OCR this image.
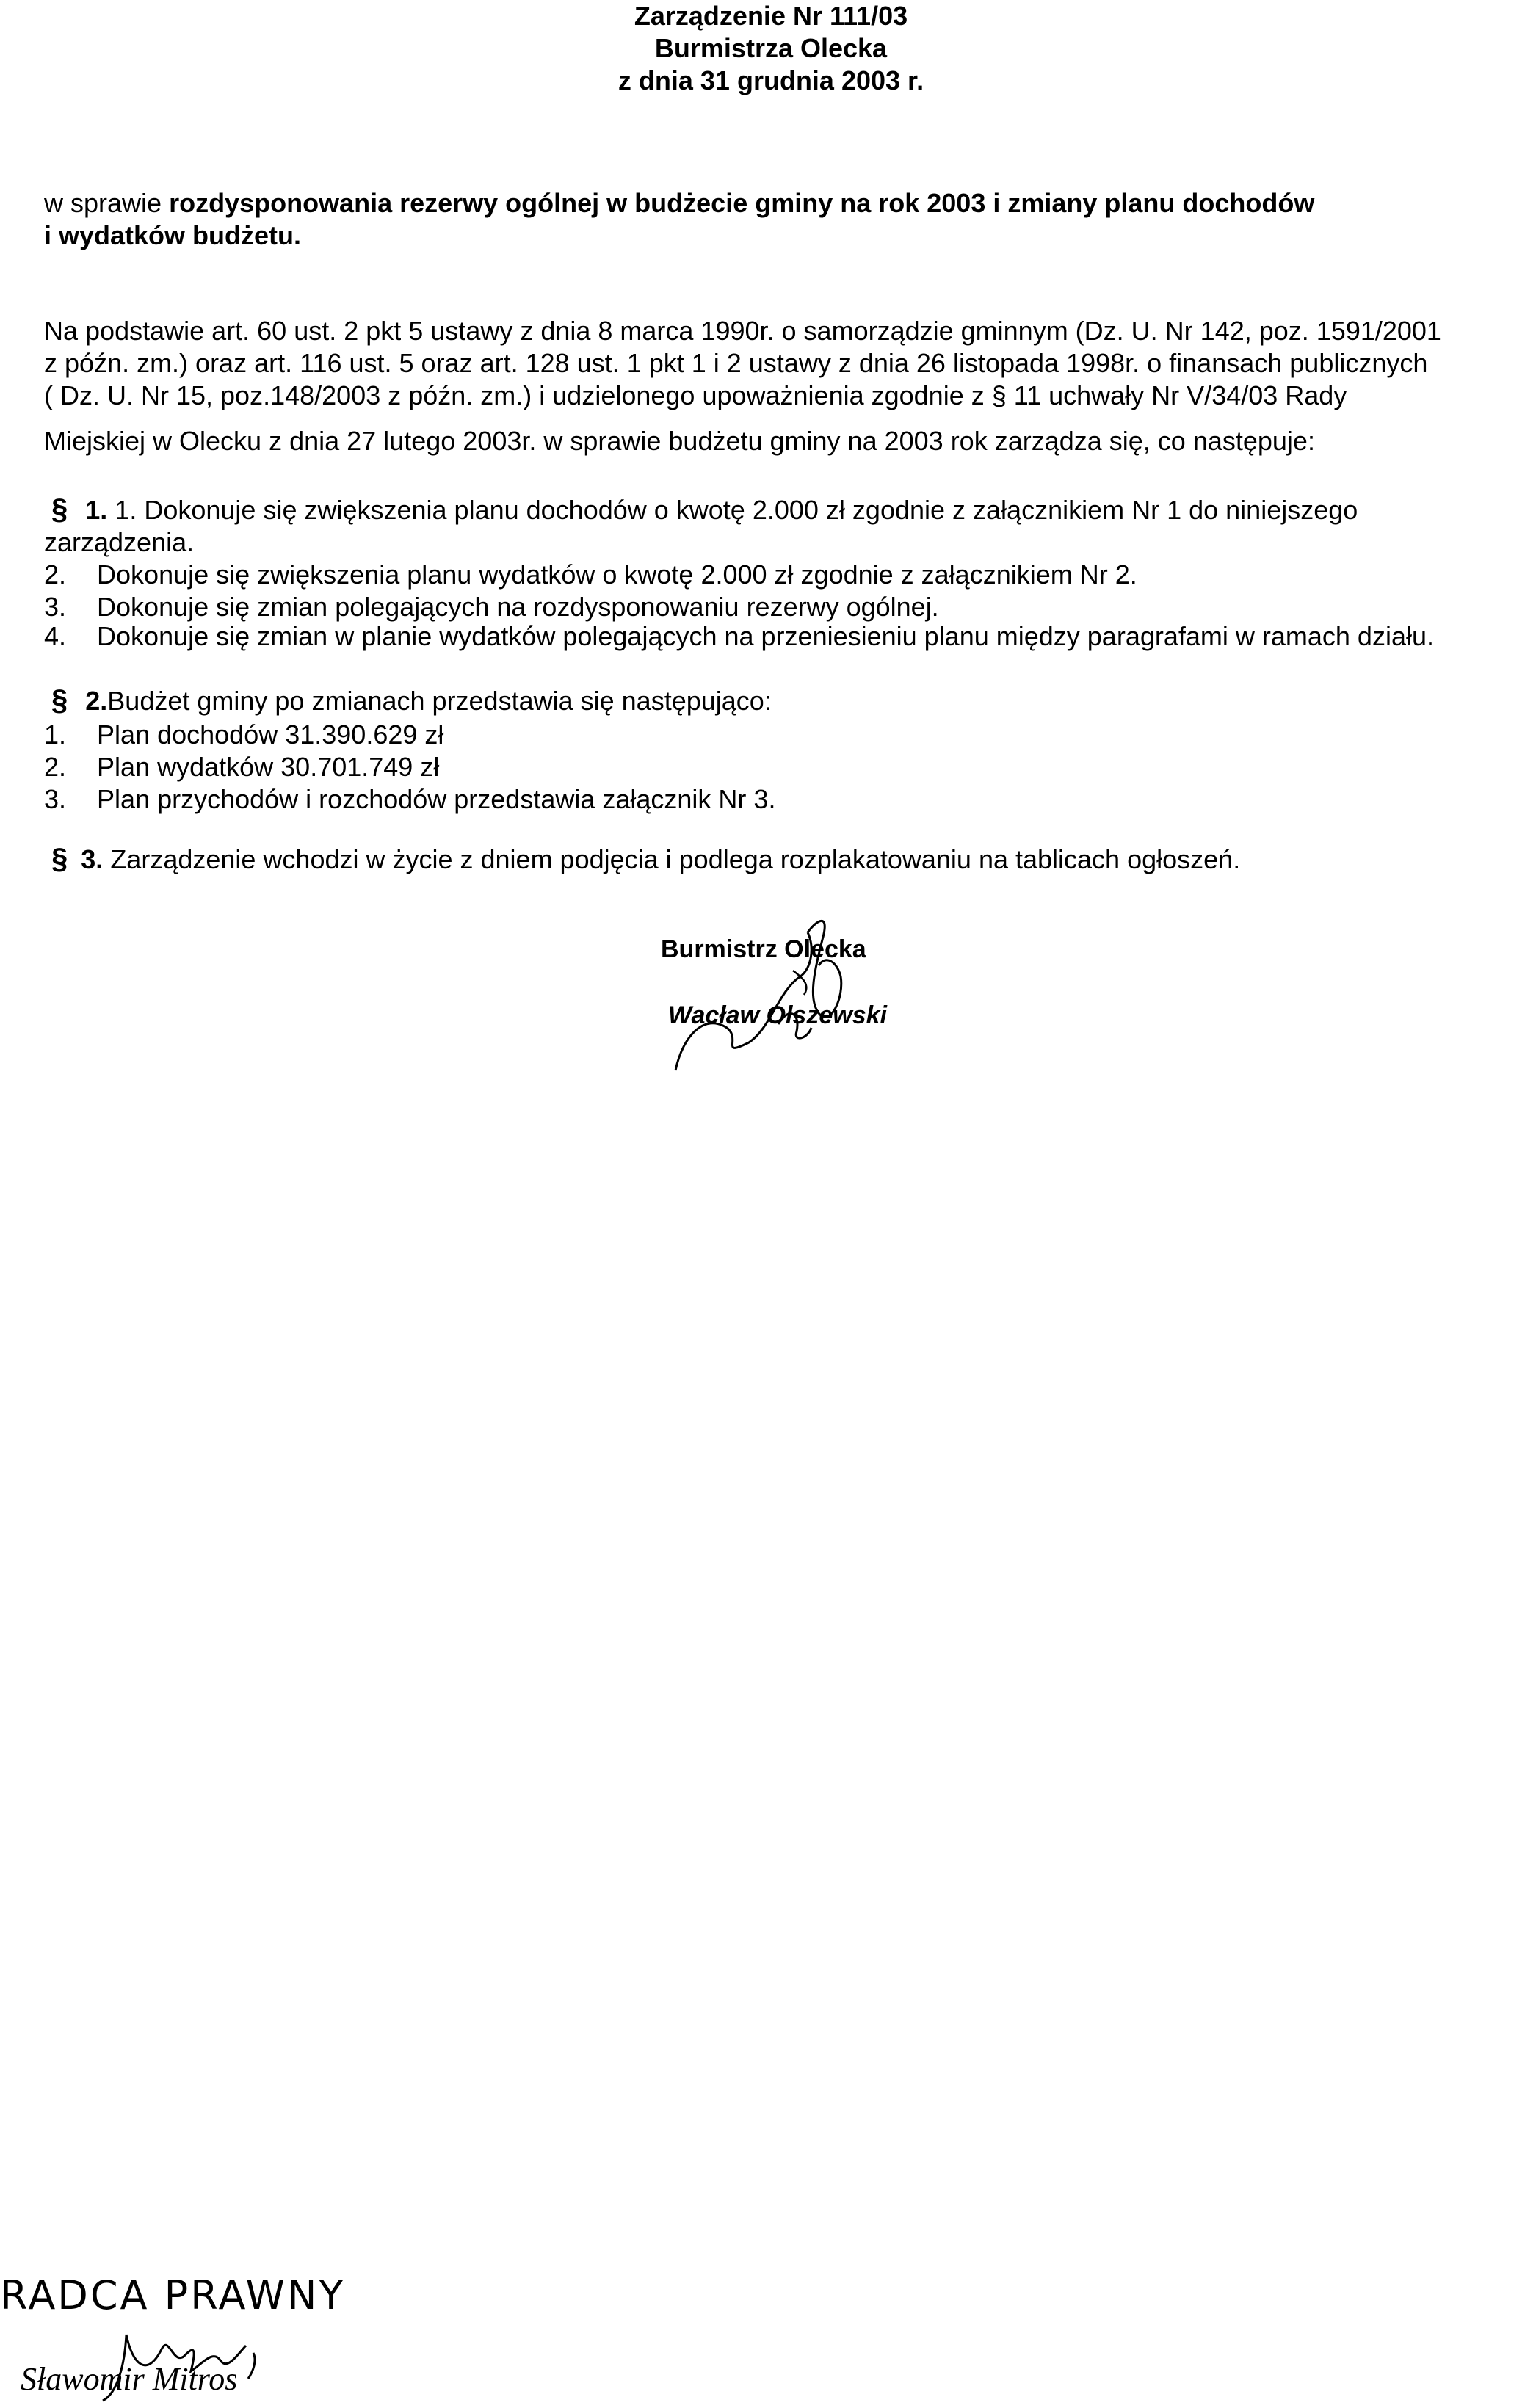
Zarządzenie Nr 111/03
Burmistrza Olecka
z dnia 31 grudnia 2003 r.
w sprawie rozdysponowania rezerwy ogólnej w budżecie gminy na rok 2003 i zmiany planu dochodów
i wydatków budżetu.
Na podstawie art. 60 ust. 2 pkt 5 ustawy z dnia 8 marca 1990r. o samorządzie gminnym (Dz. U. Nr 142, poz. 1591/2001
z późn. zm.) oraz art. 116 ust. 5 oraz art. 128 ust. 1 pkt 1 i 2 ustawy z dnia 26 listopada 1998r. o finansach publicznych
( Dz. U. Nr 15, poz.148/2003 z późn. zm.) i udzielonego upoważnienia zgodnie z § 11 uchwały Nr V/34/03 Rady
Miejskiej w Olecku z dnia 27 lutego 2003r. w sprawie budżetu gminy na 2003 rok zarządza się, co następuje:
§ 1. 1. Dokonuje się zwiększenia planu dochodów o kwotę 2.000 zł zgodnie z załącznikiem Nr 1 do niniejszego
zarządzenia.
2. Dokonuje się zwiększenia planu wydatków o kwotę 2.000 zł zgodnie z załącznikiem Nr 2.
3. Dokonuje się zmian polegających na rozdysponowaniu rezerwy ogólnej.
4. Dokonuje się zmian w planie wydatków polegających na przeniesieniu planu między paragrafami w ramach działu.
§ 2.Budżet gminy po zmianach przedstawia się następująco:
1. Plan dochodów 31.390.629 zł
2. Plan wydatków 30.701.749 zł
3. Plan przychodów i rozchodów przedstawia załącznik Nr 3.
§ 3. Zarządzenie wchodzi w życie z dniem podjęcia i podlega rozplakatowaniu na tablicach ogłoszeń.
Burmistrz Olecka
Wacław Olszewski
RADCA PRAWNY
Sławomir Mitros
